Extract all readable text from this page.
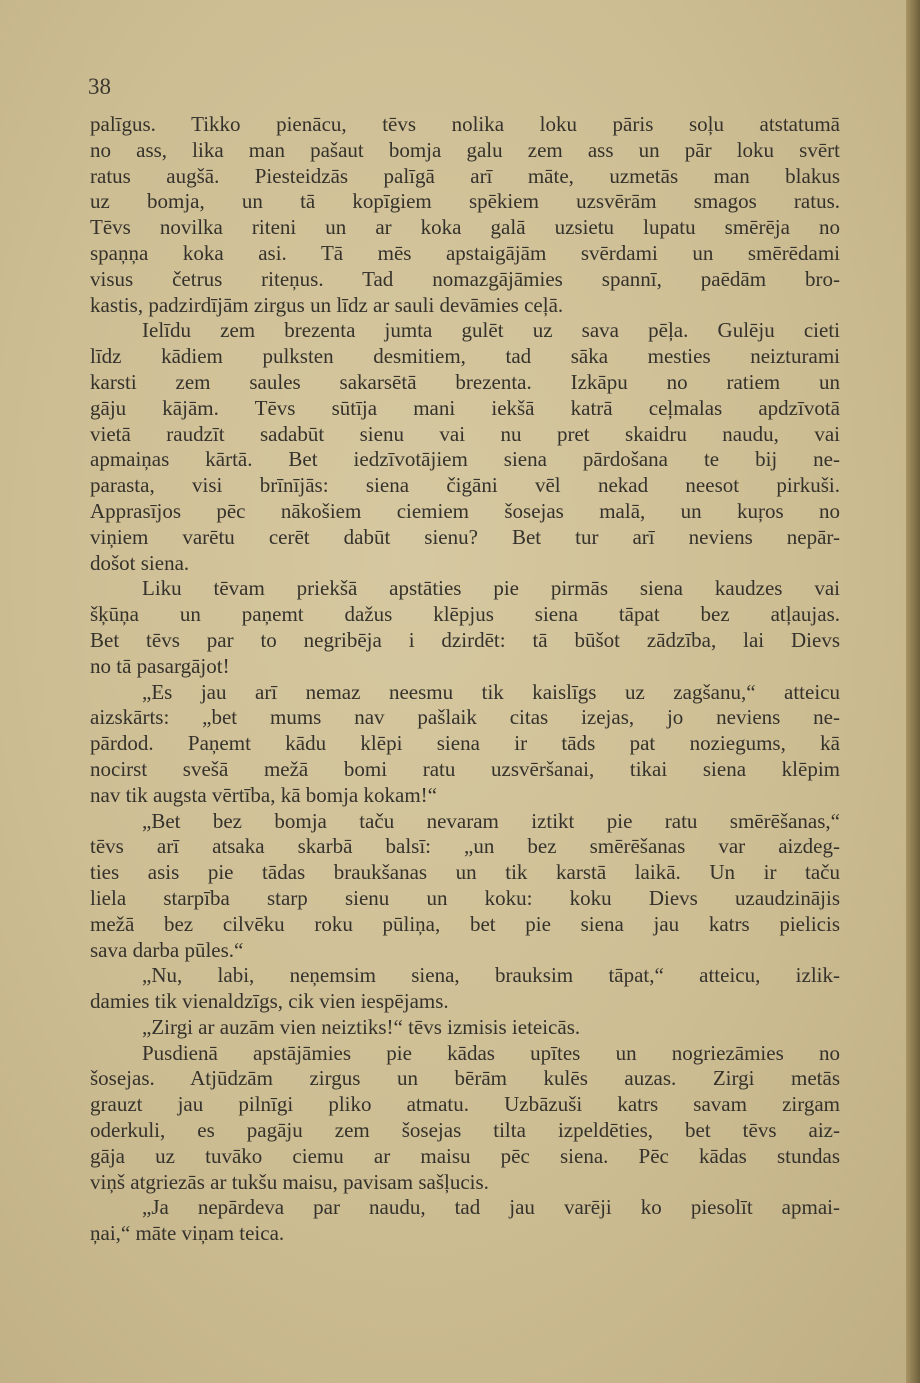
38
palīgus. Tikko pienācu, tēvs nolika loku pāris soļu atstatumā
no ass, lika man pašaut bomja galu zem ass un pār loku svērt
ratus augšā. Piesteidzās palīgā arī māte, uzmetās man blakus
uz bomja, un tā kopīgiem spēkiem uzsvērām smagos ratus.
Tēvs novilka riteni un ar koka galā uzsietu lupatu smērēja no
spaņņa koka asi. Tā mēs apstaigājām svērdami un smērēdami
visus četrus riteņus. Tad nomazgājāmies spannī, paēdām bro-
kastis, padzirdījām zirgus un līdz ar sauli devāmies ceļā.
Ielīdu zem brezenta jumta gulēt uz sava pēļa. Gulēju cieti
līdz kādiem pulksten desmitiem, tad sāka mesties neizturami
karsti zem saules sakarsētā brezenta. Izkāpu no ratiem un
gāju kājām. Tēvs sūtīja mani iekšā katrā ceļmalas apdzīvotā
vietā raudzīt sadabūt sienu vai nu pret skaidru naudu, vai
apmaiņas kārtā. Bet iedzīvotājiem siena pārdošana te bij ne-
parasta, visi brīnījās: siena čigāni vēl nekad neesot pirkuši.
Apprasījos pēc nākošiem ciemiem šosejas malā, un kuŗos no
viņiem varētu cerēt dabūt sienu? Bet tur arī neviens nepār-
došot siena.
Liku tēvam priekšā apstāties pie pirmās siena kaudzes vai
šķūņa un paņemt dažus klēpjus siena tāpat bez atļaujas.
Bet tēvs par to negribēja i dzirdēt: tā būšot zādzība, lai Dievs
no tā pasargājot!
„Es jau arī nemaz neesmu tik kaislīgs uz zagšanu,“ atteicu
aizskārts: „bet mums nav pašlaik citas izejas, jo neviens ne-
pārdod. Paņemt kādu klēpi siena ir tāds pat noziegums, kā
nocirst svešā mežā bomi ratu uzsvēršanai, tikai siena klēpim
nav tik augsta vērtība, kā bomja kokam!“
„Bet bez bomja taču nevaram iztikt pie ratu smērēšanas,“
tēvs arī atsaka skarbā balsī: „un bez smērēšanas var aizdeg-
ties asis pie tādas braukšanas un tik karstā laikā. Un ir taču
liela starpība starp sienu un koku: koku Dievs uzaudzinājis
mežā bez cilvēku roku pūliņa, bet pie siena jau katrs pielicis
sava darba pūles.“
„Nu, labi, neņemsim siena, brauksim tāpat,“ atteicu, izlik-
damies tik vienaldzīgs, cik vien iespējams.
„Zirgi ar auzām vien neiztiks!“ tēvs izmisis ieteicās.
Pusdienā apstājāmies pie kādas upītes un nogriezāmies no
šosejas. Atjūdzām zirgus un bērām kulēs auzas. Zirgi metās
grauzt jau pilnīgi pliko atmatu. Uzbāzuši katrs savam zirgam
oderkuli, es pagāju zem šosejas tilta izpeldēties, bet tēvs aiz-
gāja uz tuvāko ciemu ar maisu pēc siena. Pēc kādas stundas
viņš atgriezās ar tukšu maisu, pavisam sašļucis.
„Ja nepārdeva par naudu, tad jau varēji ko piesolīt apmai-
ņai,“ māte viņam teica.
